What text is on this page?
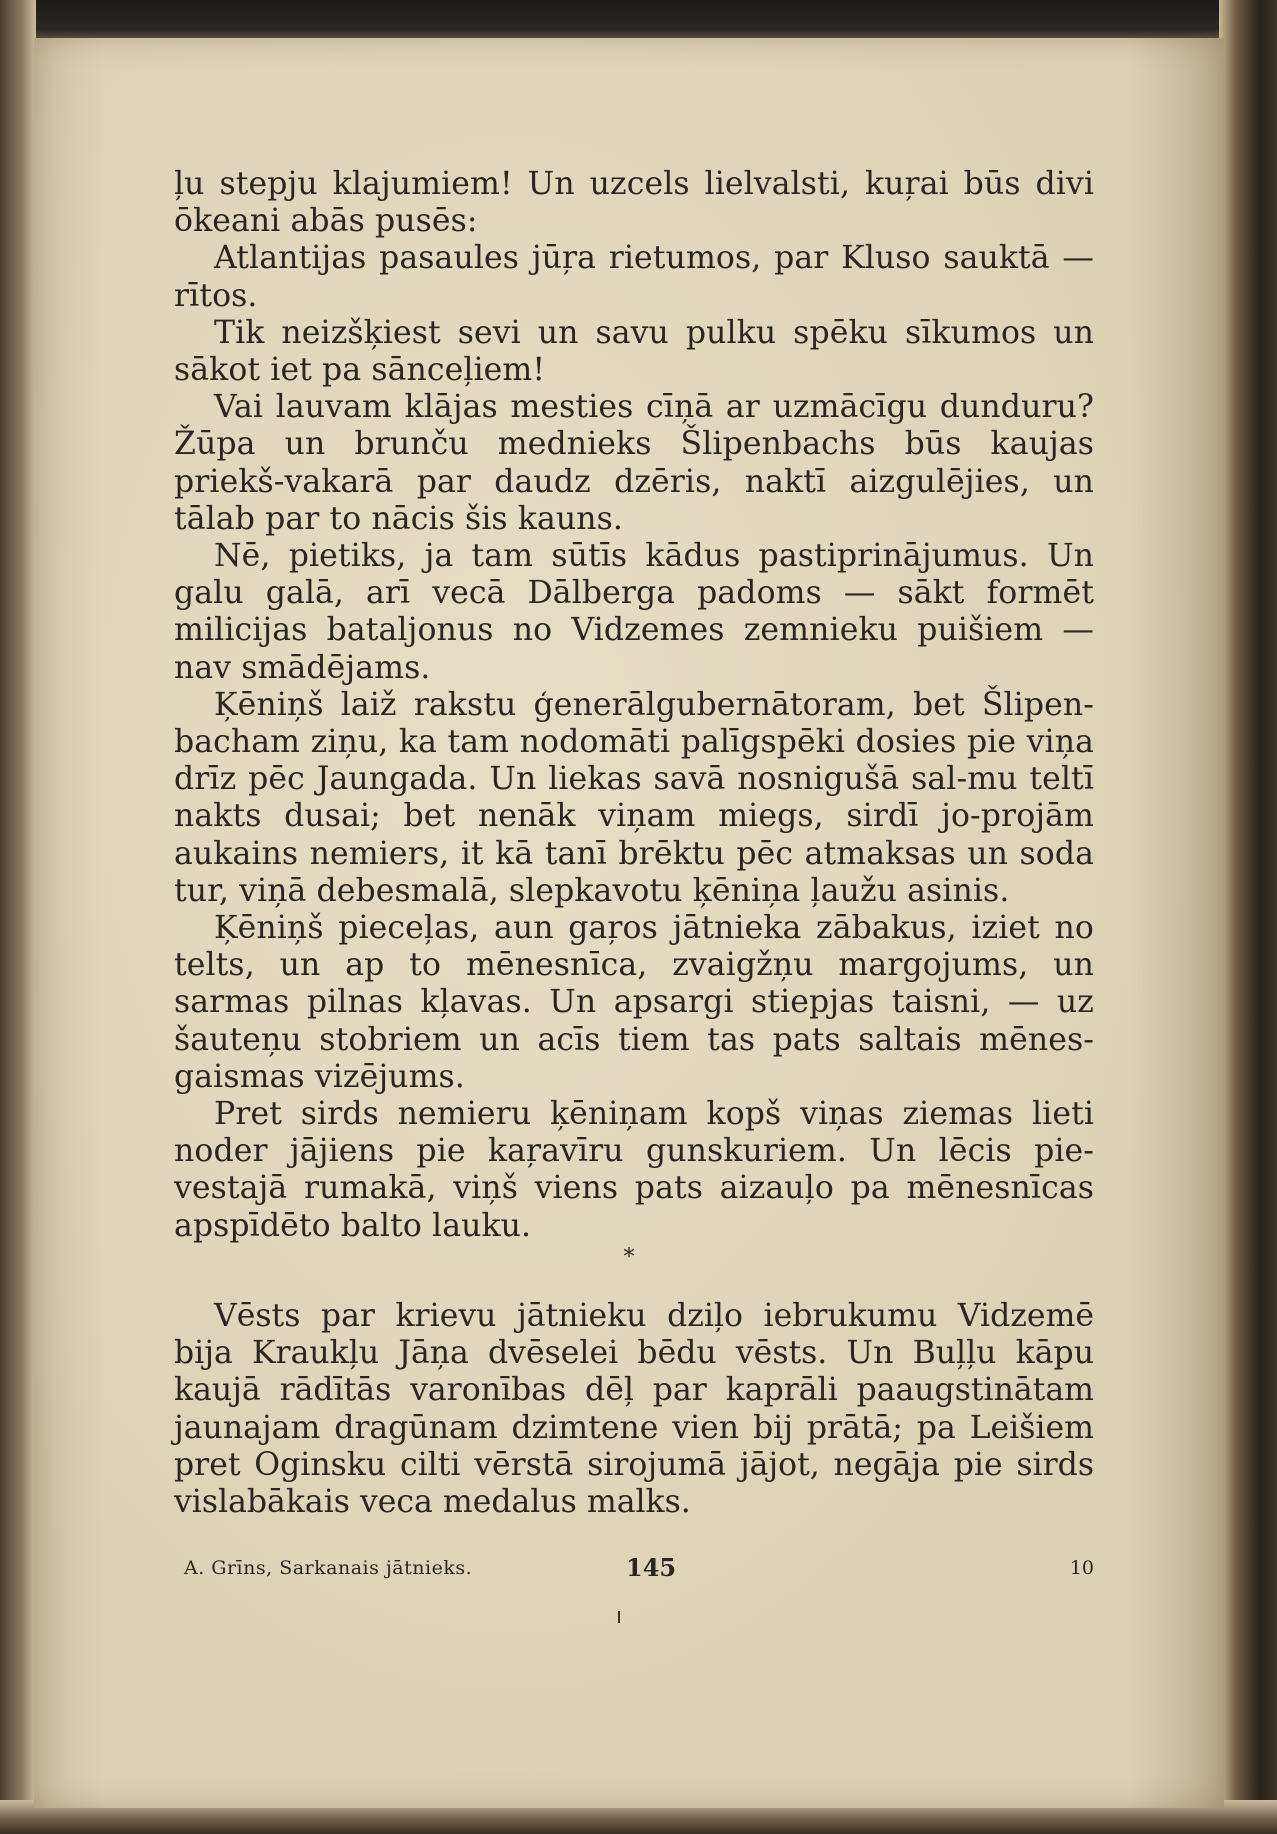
ļu stepju klajumiem! Un uzcels lielvalsti, kuŗai būs divi ōkeani abās pusēs:

Atlantijas pasaules jūŗa rietumos, par Kluso sauktā — rītos.

Tik neizšķiest sevi un savu pulku spēku sīkumos un sākot iet pa sānceļiem!

Vai lauvam klājas mesties cīņā ar uzmācīgu dunduru? Žūpa un brunču mednieks Šlipenbachs būs kaujas priekš-vakarā par daudz dzēris, naktī aizgulējies, un tālab par to nācis šis kauns.

Nē, pietiks, ja tam sūtīs kādus pastiprinājumus. Un galu galā, arī vecā Dālberga padoms — sākt formēt milicijas bataljonus no Vidzemes zemnieku puišiem — nav smādējams.

Ķēniņš laiž rakstu ģenerālgubernātoram, bet Šlipen-bacham ziņu, ka tam nodomāti palīgspēki dosies pie viņa drīz pēc Jaungada. Un liekas savā nosnigušā sal-mu teltī nakts dusai; bet nenāk viņam miegs, sirdī jo-projām aukains nemiers, it kā tanī brēktu pēc atmaksas un soda tur, viņā debesmalā, slepkavotu ķēniņa ļaužu asinis.

Ķēniņš pieceļas, aun gaŗos jātnieka zābakus, iziet no telts, un ap to mēnesnīca, zvaigžņu margojums, un sarmas pilnas kļavas. Un apsargi stiepjas taisni, — uz šauteņu stobriem un acīs tiem tas pats saltais mēnes-gaismas vizējums.

Pret sirds nemieru ķēniņam kopš viņas ziemas lieti noder jājiens pie kaŗavīru gunskuriem. Un lēcis pie-vestajā rumakā, viņš viens pats aizauļo pa mēnesnīcas apspīdēto balto lauku.

*

Vēsts par krievu jātnieku dziļo iebrukumu Vidzemē bija Kraukļu Jāņa dvēselei bēdu vēsts. Un Buļļu kāpu kaujā rādītās varonības dēļ par kaprāli paaugstinātam jaunajam dragūnam dzimtene vien bij prātā; pa Leišiem pret Oginsku cilti vērstā sirojumā jājot, negāja pie sirds vislabākais veca medalus malks.

A. Grīns, Sarkanais jātnieks.	145	10
